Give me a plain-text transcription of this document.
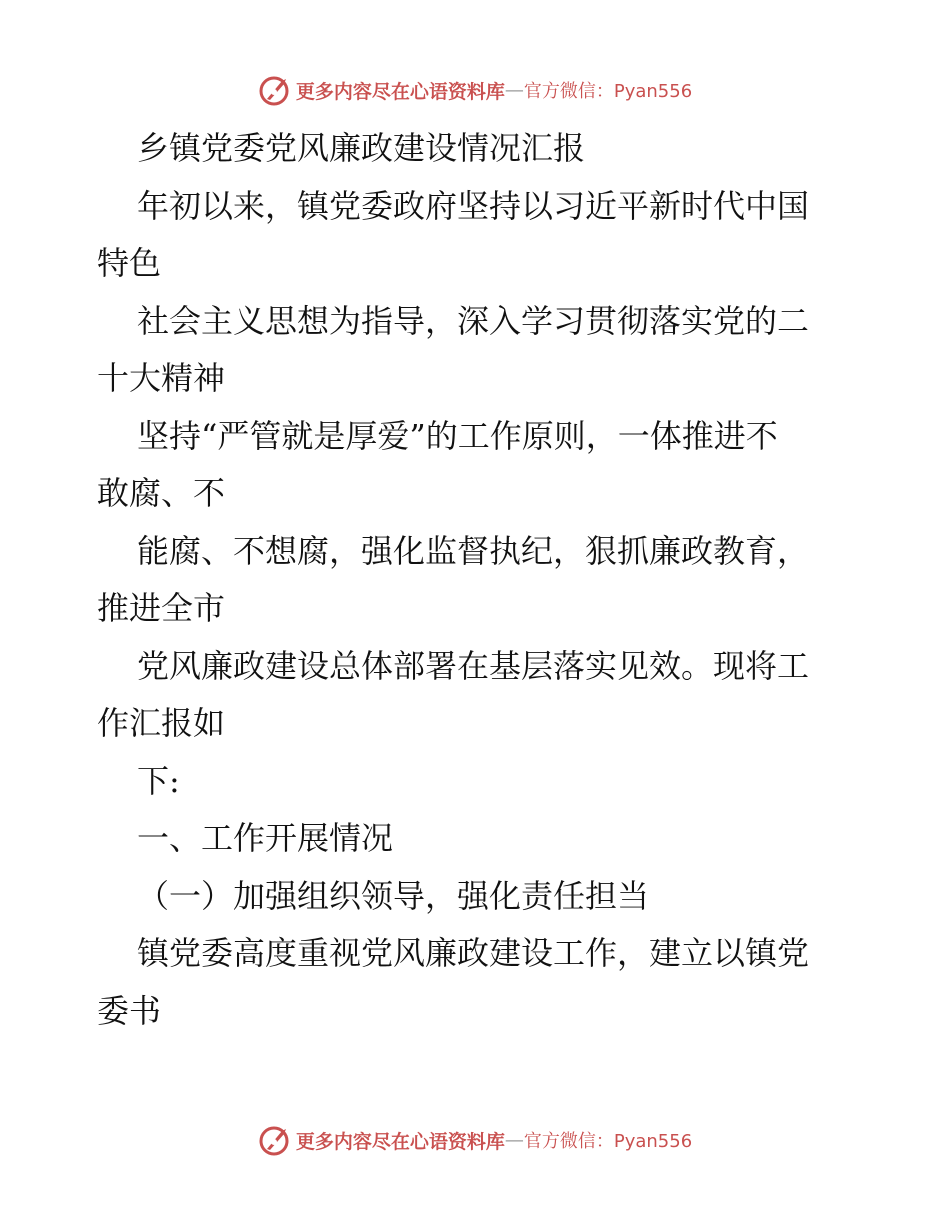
更多内容尽在心语资料库 — 官方微信：Pyan556
乡镇党委党风廉政建设情况汇报
年初以来，镇党委政府坚持以习近平新时代中国
特色
社会主义思想为指导，深入学习贯彻落实党的二
十大精神
坚持“严管就是厚爱”的工作原则，一体推进不
敢腐、不
能腐、不想腐，强化监督执纪，狠抓廉政教育，
推进全市
党风廉政建设总体部署在基层落实见效。现将工
作汇报如
下:
一、工作开展情况
（一）加强组织领导，强化责任担当
镇党委高度重视党风廉政建设工作，建立以镇党
委书
更多内容尽在心语资料库 — 官方微信：Pyan556
